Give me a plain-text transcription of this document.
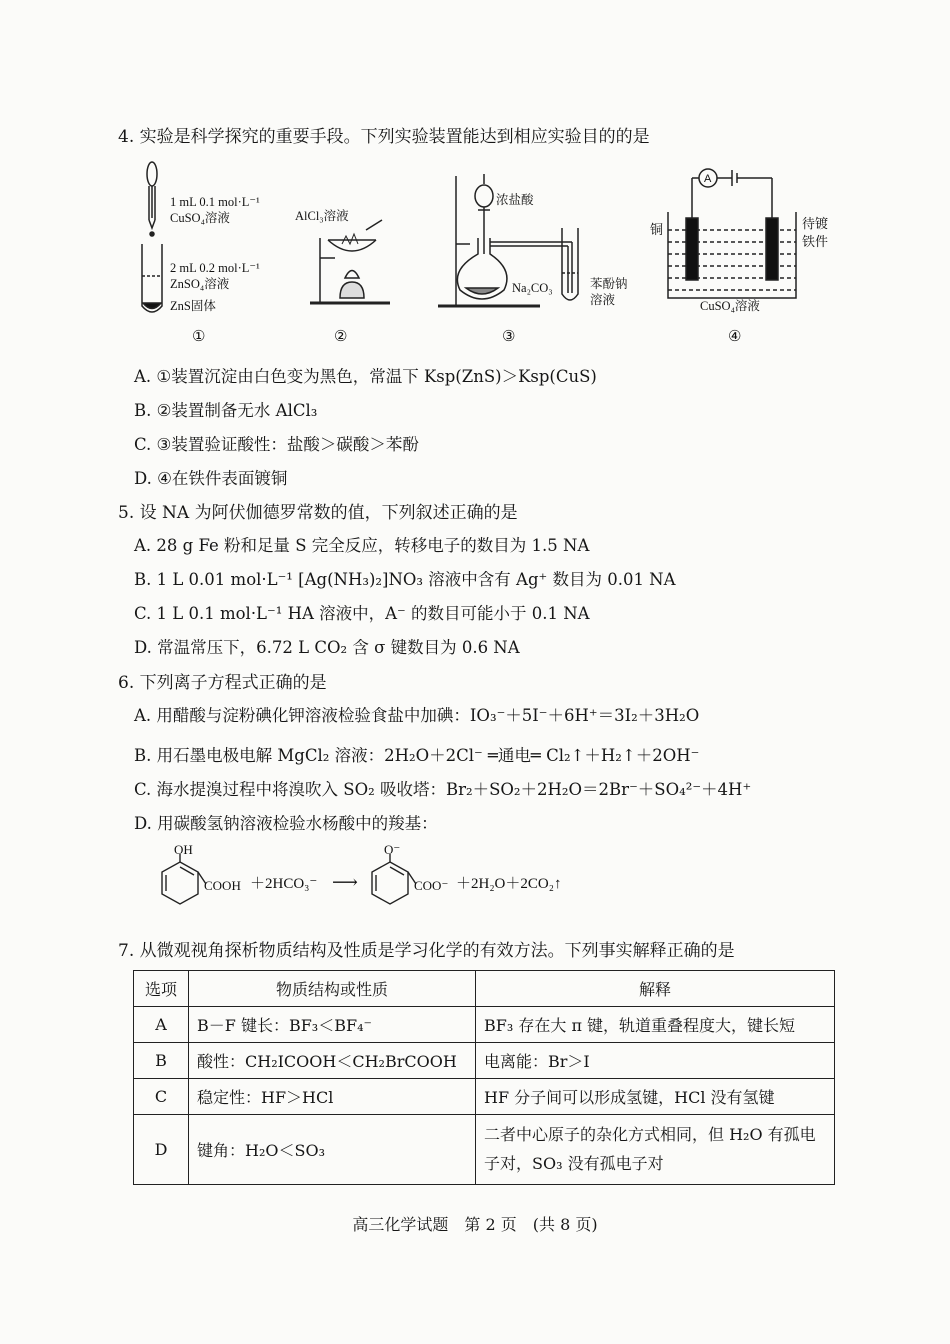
4. 实验是科学探究的重要手段。下列实验装置能达到相应实验目的的是
1 mL 0.1 mol·L⁻¹
CuSO₄溶液
2 mL 0.2 mol·L⁻¹
ZnSO₄溶液
ZnS固体
①
AlCl₃溶液
②
浓盐酸
Na₂CO₃	苯酚钠
溶液
③
A
铜	待镀
铁件
CuSO₄溶液
④
A. ①装置沉淀由白色变为黑色，常温下 Ksp(ZnS)＞Ksp(CuS)
B. ②装置制备无水 AlCl₃
C. ③装置验证酸性：盐酸＞碳酸＞苯酚
D. ④在铁件表面镀铜
5. 设 NA 为阿伏伽德罗常数的值，下列叙述正确的是
A. 28 g Fe 粉和足量 S 完全反应，转移电子的数目为 1.5 NA
B. 1 L 0.01 mol·L⁻¹ [Ag(NH₃)₂]NO₃ 溶液中含有 Ag⁺ 数目为 0.01 NA
C. 1 L 0.1 mol·L⁻¹ HA 溶液中，A⁻ 的数目可能小于 0.1 NA
D. 常温常压下，6.72 L CO₂ 含 σ 键数目为 0.6 NA
6. 下列离子方程式正确的是
A. 用醋酸与淀粉碘化钾溶液检验食盐中加碘：IO₃⁻＋5I⁻＋6H⁺＝3I₂＋3H₂O
B. 用石墨电极电解 MgCl₂ 溶液：2H₂O＋2Cl⁻ ═通电═ Cl₂↑＋H₂↑＋2OH⁻
C. 海水提溴过程中将溴吹入 SO₂ 吸收塔：Br₂＋SO₂＋2H₂O＝2Br⁻＋SO₄²⁻＋4H⁺
D. 用碳酸氢钠溶液检验水杨酸中的羧基：
OH
COOH ＋2HCO₃⁻ ⟶
O⁻
COO⁻ ＋2H₂O＋2CO₂↑
7. 从微观视角探析物质结构及性质是学习化学的有效方法。下列事实解释正确的是
选项	物质结构或性质	解释
A	B－F 键长：BF₃＜BF₄⁻	BF₃ 存在大 π 键，轨道重叠程度大，键长短
B	酸性：CH₂ICOOH＜CH₂BrCOOH	电离能：Br＞I
C	稳定性：HF＞HCl	HF 分子间可以形成氢键，HCl 没有氢键
D	键角：H₂O＜SO₃	二者中心原子的杂化方式相同，但 H₂O 有孤电子对，SO₃ 没有孤电子对
高三化学试题　第 2 页　(共 8 页)
